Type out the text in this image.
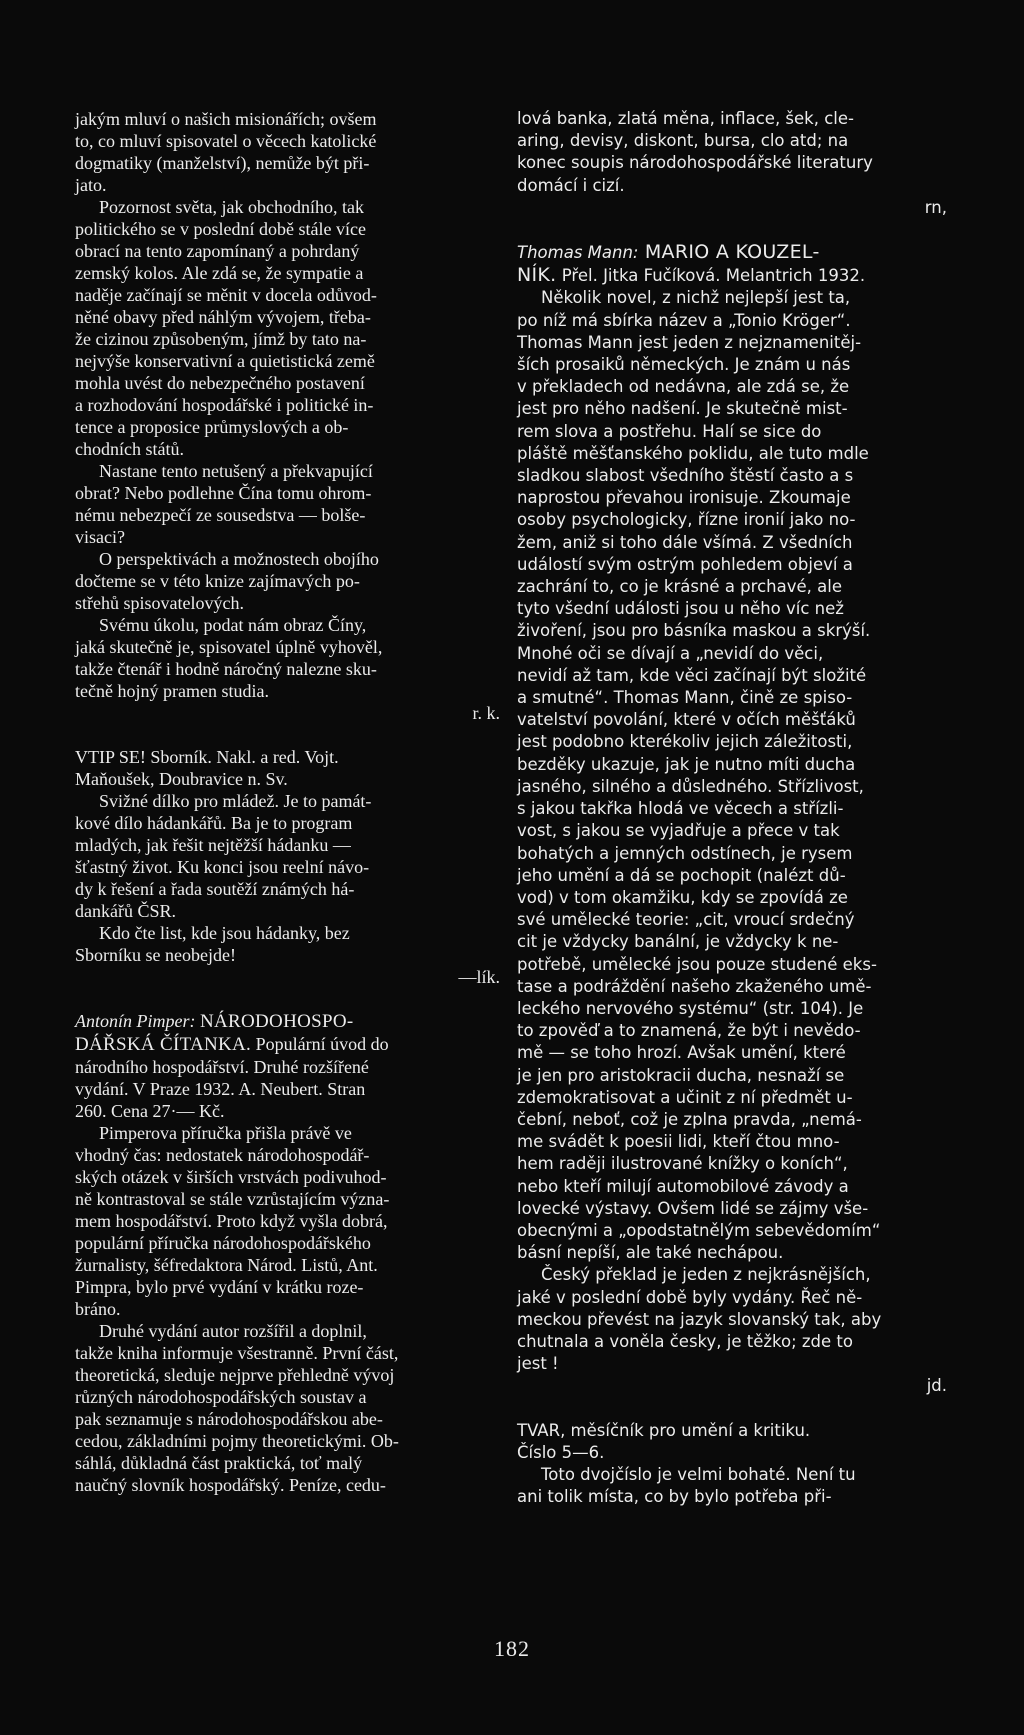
jakým mluví o našich misionářích; ovšem
to, co mluví spisovatel o věcech katolické
dogmatiky (manželství), nemůže být při-
jato.

Pozornost světa, jak obchodního, tak
politického se v poslední době stále více
obrací na tento zapomínaný a pohrdaný
zemský kolos. Ale zdá se, že sympatie a
naděje začínají se měnit v docela odůvod-
něné obavy před náhlým vývojem, třeba-
že cizinou způsobeným, jímž by tato na-
nejvýše konservativní a quietistická země
mohla uvést do nebezpečného postavení
a rozhodování hospodářské i politické in-
tence a proposice průmyslových a ob-
chodních států.

Nastane tento netušený a překvapující
obrat? Nebo podlehne Čína tomu ohrom-
nému nebezpečí ze sousedstva — bolše-
visaci?

O perspektivách a možnostech obojího
dočteme se v této knize zajímavých po-
střehů spisovatelových.

Svému úkolu, podat nám obraz Číny,
jaká skutečně je, spisovatel úplně vyhověl,
takže čtenář i hodně náročný nalezne sku-
tečně hojný pramen studia.

r. k.

VTIP SE! Sborník. Nakl. a red. Vojt.
Maňoušek, Doubravice n. Sv.

Svižné dílko pro mládež. Je to památ-
kové dílo hádankářů. Ba je to program
mladých, jak řešit nejtěžší hádanku —
šťastný život. Ku konci jsou reelní návo-
dy k řešení a řada soutěží známých há-
dankářů ČSR.

Kdo čte list, kde jsou hádanky, bez
Sborníku se neobejde!

—lík.

Antonín Pimper: NÁRODOHOSPO-
DÁŘSKÁ ČÍTANKA. Populární úvod do
národního hospodářství. Druhé rozšířené
vydání. V Praze 1932. A. Neubert. Stran
260. Cena 27·— Kč.

Pimperova příručka přišla právě ve
vhodný čas: nedostatek národohospodář-
ských otázek v širších vrstvách podivuhod-
ně kontrastoval se stále vzrůstajícím význa-
mem hospodářství. Proto když vyšla dobrá,
populární příručka národohospodářského
žurnalisty, šéfredaktora Národ. Listů, Ant.
Pimpra, bylo prvé vydání v krátku roze-
bráno.

Druhé vydání autor rozšířil a doplnil,
takže kniha informuje všestranně. První část,
theoretická, sleduje nejprve přehledně vývoj
různých národohospodářských soustav a
pak seznamuje s národohospodářskou abe-
cedou, základními pojmy theoretickými. Ob-
sáhlá, důkladná část praktická, toť malý
naučný slovník hospodářský. Peníze, cedu-

lová banka, zlatá měna, inflace, šek, cle-
aring, devisy, diskont, bursa, clo atd; na
konec soupis národohospodářské literatury
domácí i cizí.

rn,

Thomas Mann: MARIO A KOUZEL-
NÍK. Přel. Jitka Fučíková. Melantrich 1932.

Několik novel, z nichž nejlepší jest ta,
po níž má sbírka název a „Tonio Kröger“.
Thomas Mann jest jeden z nejznamenitěj-
ších prosaiků německých. Je znám u nás
v překladech od nedávna, ale zdá se, že
jest pro něho nadšení. Je skutečně mist-
rem slova a postřehu. Halí se sice do
pláště měšťanského poklidu, ale tuto mdle
sladkou slabost všedního štěstí často a s
naprostou převahou ironisuje. Zkoumaje
osoby psychologicky, řízne ironií jako no-
žem, aniž si toho dále všímá. Z všedních
událostí svým ostrým pohledem objeví a
zachrání to, co je krásné a prchavé, ale
tyto všední události jsou u něho víc než
živoření, jsou pro básníka maskou a skrýší.
Mnohé oči se dívají a „nevidí do věci,
nevidí až tam, kde věci začínají být složité
a smutné“. Thomas Mann, čině ze spiso-
vatelství povolání, které v očích měšťáků
jest podobno kterékoliv jejich záležitosti,
bezděky ukazuje, jak je nutno míti ducha
jasného, silného a důsledného. Střízlivost,
s jakou takřka hlodá ve věcech a střízli-
vost, s jakou se vyjadřuje a přece v tak
bohatých a jemných odstínech, je rysem
jeho umění a dá se pochopit (nalézt dů-
vod) v tom okamžiku, kdy se zpovídá ze
své umělecké teorie: „cit, vroucí srdečný
cit je vždycky banální, je vždycky k ne-
potřebě, umělecké jsou pouze studené eks-
tase a podráždění našeho zkaženého umě-
leckého nervového systému“ (str. 104). Je
to zpověď a to znamená, že být i nevědo-
mě — se toho hrozí. Avšak umění, které
je jen pro aristokracii ducha, nesnaží se
zdemokratisovat a učinit z ní předmět u-
čební, neboť, což je zplna pravda, „nemá-
me svádět k poesii lidi, kteří čtou mno-
hem raději ilustrované knížky o koních“,
nebo kteří milují automobilové závody a
lovecké výstavy. Ovšem lidé se zájmy vše-
obecnými a „opodstatnělým sebevědomím“
básní nepíší, ale také nechápou.

Český překlad je jeden z nejkrásnějších,
jaké v poslední době byly vydány. Řeč ně-
meckou převést na jazyk slovanský tak, aby
chutnala a voněla česky, je těžko; zde to
jest !

jd.

TVAR, měsíčník pro umění a kritiku.
Číslo 5—6.

Toto dvojčíslo je velmi bohaté. Není tu
ani tolik místa, co by bylo potřeba při-

182
